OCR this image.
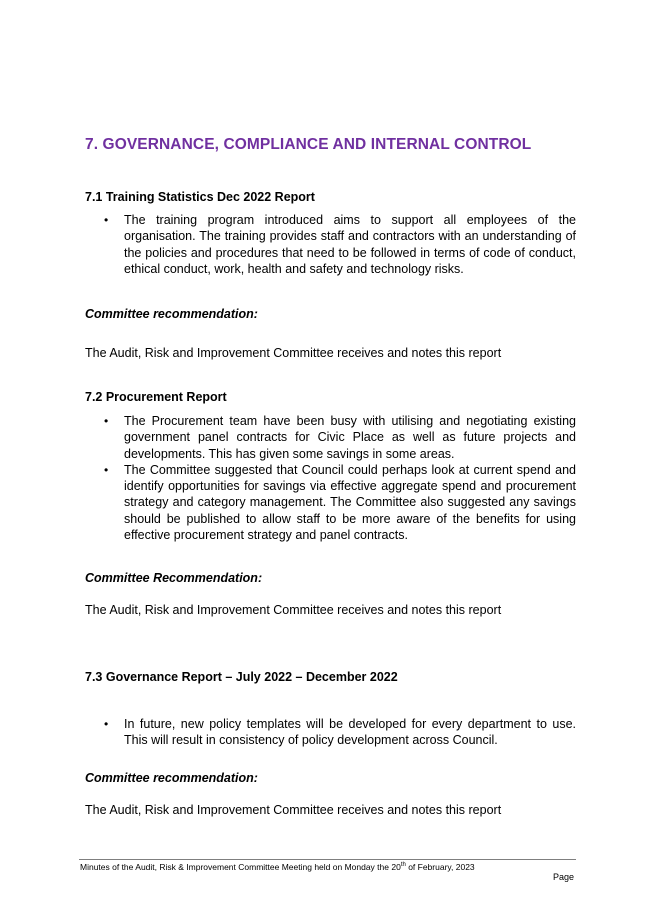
7. GOVERNANCE, COMPLIANCE AND INTERNAL CONTROL
7.1 Training Statistics Dec 2022 Report
• The training program introduced aims to support all employees of the organisation. The training provides staff and contractors with an understanding of the policies and procedures that need to be followed in terms of code of conduct, ethical conduct, work, health and safety and technology risks.

Committee recommendation:

The Audit, Risk and Improvement Committee receives and notes this report

7.2 Procurement Report
• The Procurement team have been busy with utilising and negotiating existing government panel contracts for Civic Place as well as future projects and developments. This has given some savings in some areas.
• The Committee suggested that Council could perhaps look at current spend and identify opportunities for savings via effective aggregate spend and procurement strategy and category management. The Committee also suggested any savings should be published to allow staff to be more aware of the benefits for using effective procurement strategy and panel contracts.

Committee Recommendation:

The Audit, Risk and Improvement Committee receives and notes this report

7.3 Governance Report – July 2022 – December 2022
• In future, new policy templates will be developed for every department to use. This will result in consistency of policy development across Council.

Committee recommendation:

The Audit, Risk and Improvement Committee receives and notes this report

Minutes of the Audit, Risk & Improvement Committee Meeting held on Monday the 20th of February, 2023

Page
